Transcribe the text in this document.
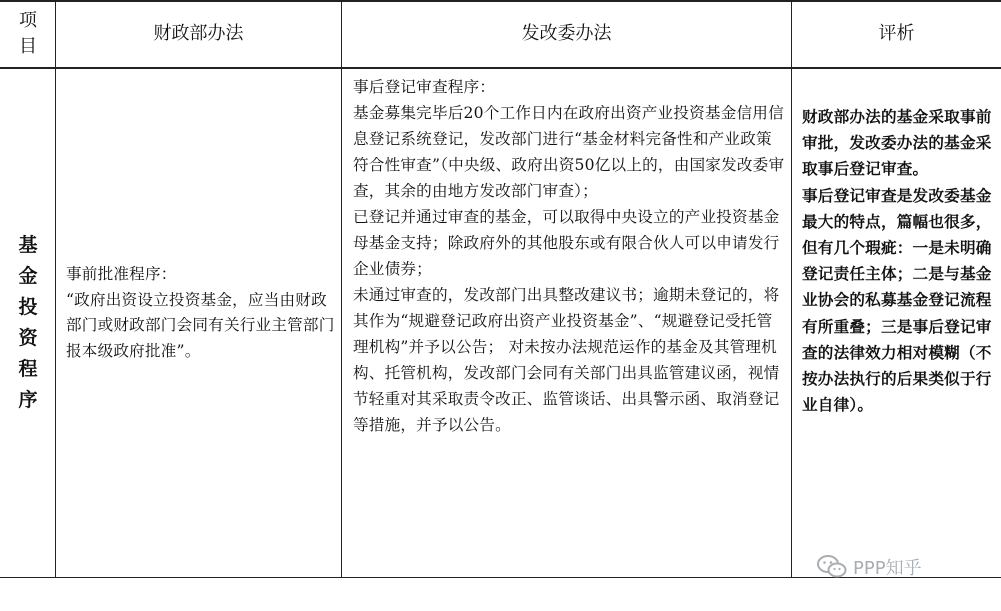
项
目
财政部办法	发改委办法	评析
基
金
投
资
程
序
事前批准程序：
“政府出资设立投资基金，应当由财政部门或财政部门会同有关行业主管部门报本级政府批准”。
事后登记审查程序：
基金募集完毕后20个工作日内在政府出资产业投资基金信用信息登记系统登记，发改部门进行“基金材料完备性和产业政策符合性审查”（中央级、政府出资50亿以上的，由国家发改委审查，其余的由地方发改部门审查）；
已登记并通过审查的基金，可以取得中央设立的产业投资基金母基金支持；除政府外的其他股东或有限合伙人可以申请发行企业债券；
未通过审查的，发改部门出具整改建议书；逾期未登记的，将其作为“规避登记政府出资产业投资基金”、“规避登记受托管理机构”并予以公告； 对未按办法规范运作的基金及其管理机构、托管机构，发改部门会同有关部门出具监管建议函，视情节轻重对其采取责令改正、监管谈话、出具警示函、取消登记等措施，并予以公告。
财政部办法的基金采取事前审批，发改委办法的基金采取事后登记审查。
事后登记审查是发改委基金最大的特点，篇幅也很多，但有几个瑕疵：一是未明确登记责任主体；二是与基金业协会的私募基金登记流程有所重叠；三是事后登记审查的法律效力相对模糊（不按办法执行的后果类似于行业自律）。
PPP知乎
